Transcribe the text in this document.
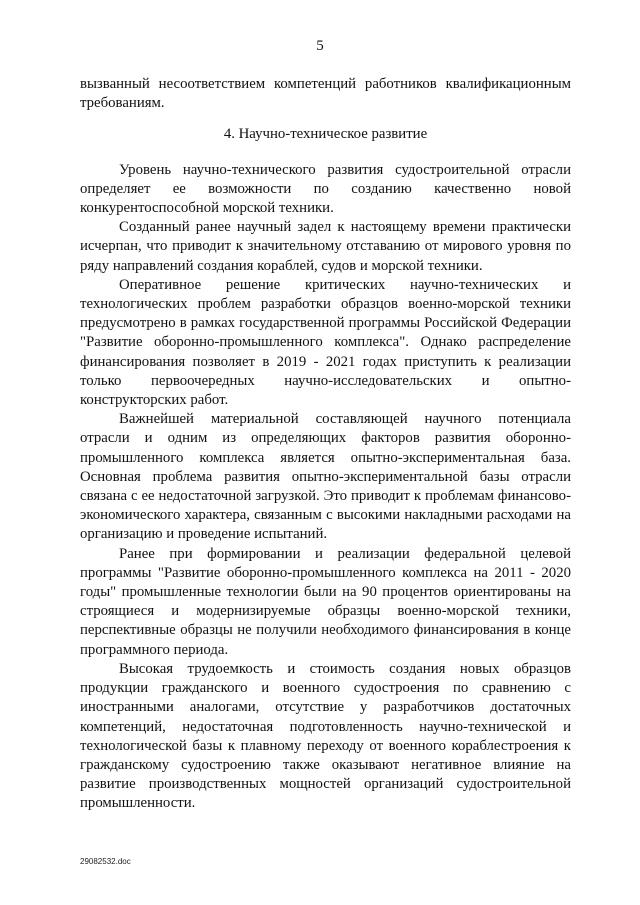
5

вызванный несоответствием компетенций работников квалификационным требованиям.

4. Научно-техническое развитие

Уровень научно-технического развития судостроительной отрасли определяет ее возможности по созданию качественно новой конкурентоспособной морской техники.

Созданный ранее научный задел к настоящему времени практически исчерпан, что приводит к значительному отставанию от мирового уровня по ряду направлений создания кораблей, судов и морской техники.

Оперативное решение критических научно-технических и технологических проблем разработки образцов военно-морской техники предусмотрено в рамках государственной программы Российской Федерации "Развитие оборонно-промышленного комплекса". Однако распределение финансирования позволяет в 2019 - 2021 годах приступить к реализации только первоочередных научно-исследовательских и опытно-конструкторских работ.

Важнейшей материальной составляющей научного потенциала отрасли и одним из определяющих факторов развития оборонно-промышленного комплекса является опытно-экспериментальная база. Основная проблема развития опытно-экспериментальной базы отрасли связана с ее недостаточной загрузкой. Это приводит к проблемам финансово-экономического характера, связанным с высокими накладными расходами на организацию и проведение испытаний.

Ранее при формировании и реализации федеральной целевой программы "Развитие оборонно-промышленного комплекса на 2011 - 2020 годы" промышленные технологии были на 90 процентов ориентированы на строящиеся и модернизируемые образцы военно-морской техники, перспективные образцы не получили необходимого финансирования в конце программного периода.

Высокая трудоемкость и стоимость создания новых образцов продукции гражданского и военного судостроения по сравнению с иностранными аналогами, отсутствие у разработчиков достаточных компетенций, недостаточная подготовленность научно-технической и технологической базы к плавному переходу от военного кораблестроения к гражданскому судостроению также оказывают негативное влияние на развитие производственных мощностей организаций судостроительной промышленности.

29082532.doc
